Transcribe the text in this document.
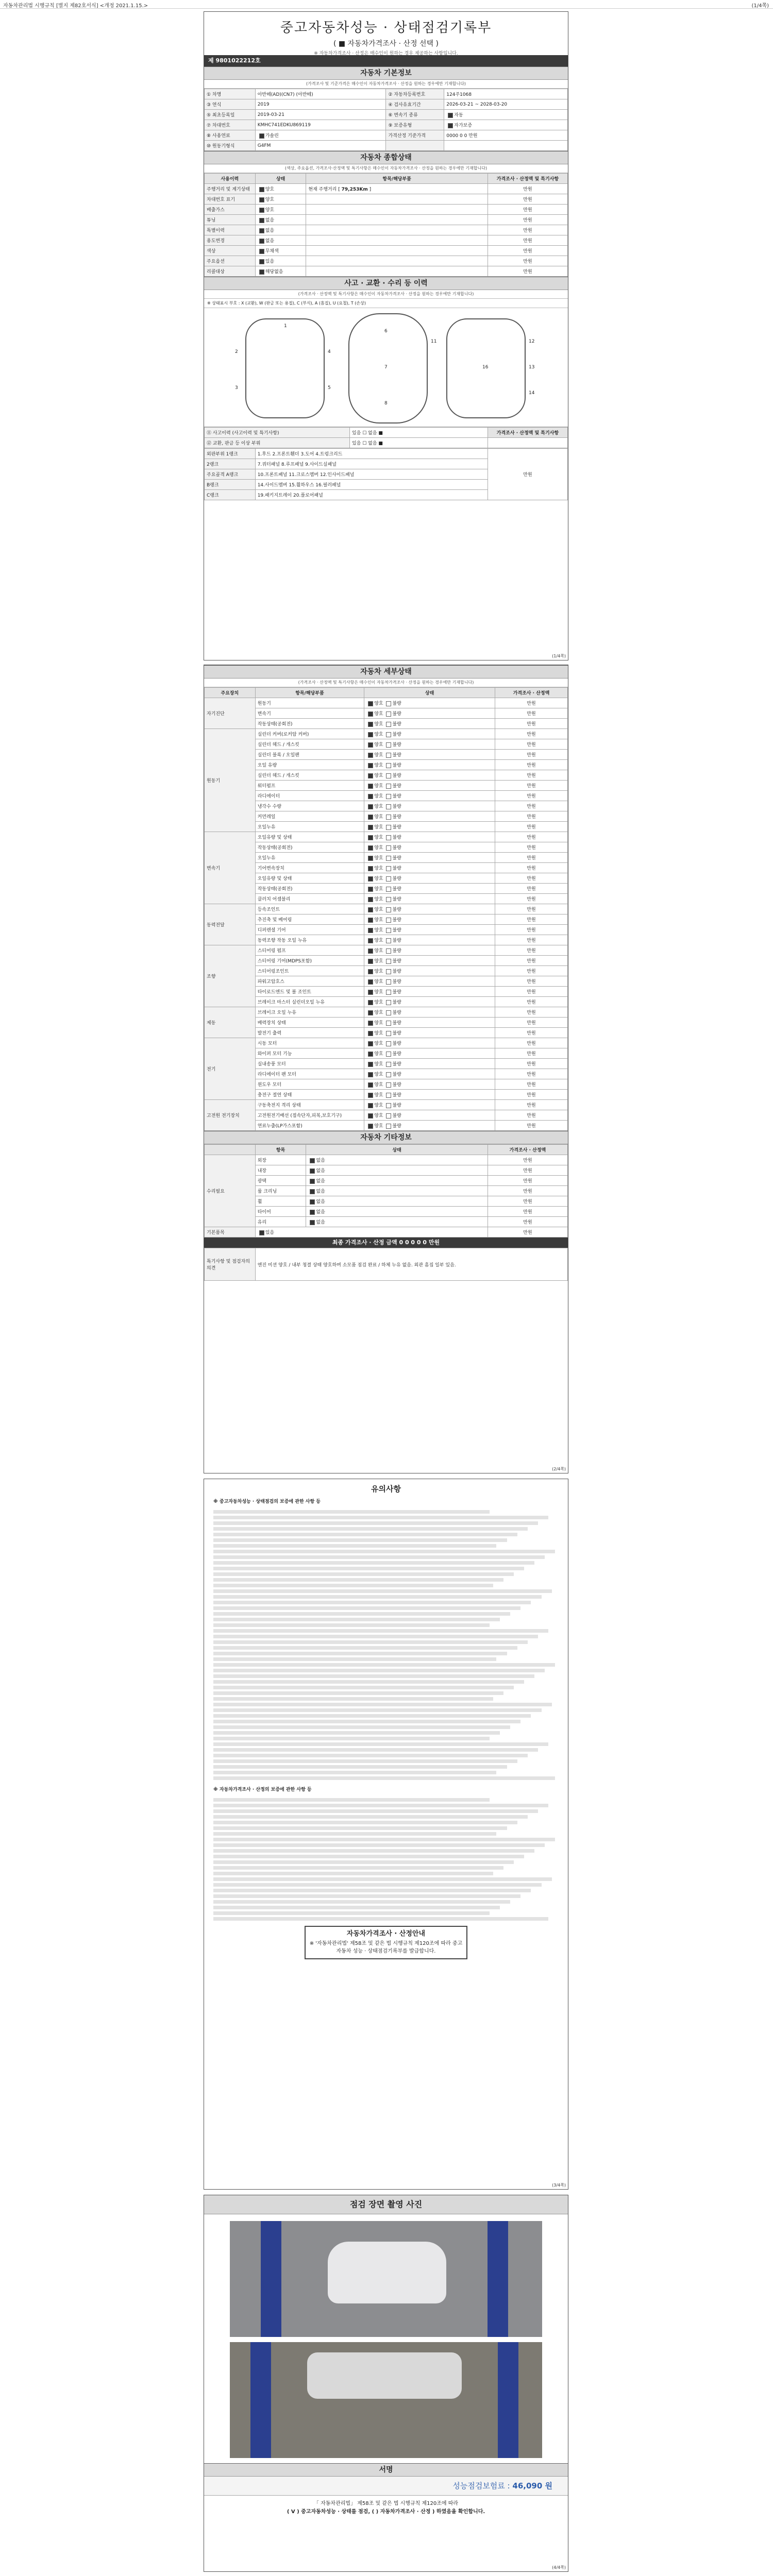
자동차관리법 시행규칙 [별지 제82호서식] <개정 2021.1.15.>	(1/4쪽)
중고자동차성능 · 상태점검기록부
( ■ 자동차가격조사 · 산정 선택 )
※ 자동차가격조사 · 산정은 매수인이 원하는 경우 제공하는 사항입니다.
제 9801022212호
자동차 기본정보
(가격조사 및 기준가격은 매수인이 자동차가격조사 · 산정을 원하는 경우에만 기재합니다)
① 차명	아반떼(AD)(CN7) (아반떼)	② 자동차등록번호	124주1068
③ 연식	2019	④ 검사유효기간	2026-03-21 ~ 2028-03-20
⑤ 최초등록일	2019-03-21	⑥ 변속기 종류	자동
⑦ 차대번호	KMHC741EDKU869119	⑨ 보증유형	자가보증
⑧ 사용연료	가솔린	가격산정 기준가격	0000 0 0 만원
⑩ 원동기형식	G4FM		
자동차 종합상태
(색상, 주요옵션, 가격조사·산정액 및 특기사항은 매수인이 자동차가격조사 · 산정을 원하는 경우에만 기재합니다)
사용이력	상태	항목/해당부품	가격조사 · 산정액 및 특기사항
주행거리 및 계기상태	양호	현재 주행거리 [ 79,253Km ]	만원
차대번호 표기	양호		만원
배출가스	양호		만원
튜닝	없음		만원
특별이력	없음		만원
용도변경	없음		만원
색상	무채색		만원
주요옵션	있음		만원
리콜대상	해당없음		만원
사고 · 교환 · 수리 등 이력
(가격조사 · 산정액 및 특기사항은 매수인이 자동차가격조사 · 산정을 원하는 경우에만 기재합니다)
※ 상태표시 부호 : X (교환), W (판금 또는 용접), C (부식), A (흠집), U (요철), T (손상)
1
2
3
4
5
6
7
8
11	12
13
14
16
⑪ 사고이력 (사고이력 및 특기사항)	있음 ☐ 없음 ■	가격조사 · 산정액 및 특기사항
⑫ 교환, 판금 등 이상 부위	있음 ☐ 없음 ■	
외판부위 1랭크	1.후드 2.프론트휀더 3.도어 4.트렁크리드	만원
2랭크	7.쿼터패널 8.루프패널 9.사이드실패널	
주요골격 A랭크	10.프론트패널 11.크로스멤버 12.인사이드패널	
B랭크	14.사이드멤버 15.휠하우스 16.필러패널	
C랭크	19.패키지트레이 20.플로어패널	
(1/4쪽)
자동차 세부상태
(가격조사 · 산정액 및 특기사항은 매수인이 자동차가격조사 · 산정을 원하는 경우에만 기재합니다)
주요장치	항목/해당부품	상태	가격조사 · 산정액
자기진단	원동기	양호 불량	만원
	변속기	양호 불량	만원
	작동상태(공회전)	양호 불량	만원
원동기	실린더 커버(로커암 커버)	양호 불량	만원
	실린더 헤드 / 개스킷	양호 불량	만원
	실린더 블록 / 오일팬	양호 불량	만원
	오일 유량	양호 불량	만원
	실린더 헤드 / 개스킷	양호 불량	만원
	워터펌프	양호 불량	만원
	라디에이터	양호 불량	만원
	냉각수 수량	양호 불량	만원
	커먼레일	양호 불량	만원
	오일누유	양호 불량	만원
변속기	오일유량 및 상태	양호 불량	만원
	작동상태(공회전)	양호 불량	만원
	오일누유	양호 불량	만원
	기어변속장치	양호 불량	만원
	오일유량 및 상태	양호 불량	만원
	작동상태(공회전)	양호 불량	만원
	클러치 어셈블리	양호 불량	만원
동력전달	등속조인트	양호 불량	만원
	추진축 및 베어링	양호 불량	만원
	디퍼렌셜 기어	양호 불량	만원
	동력조향 작동 오일 누유	양호 불량	만원
조향	스티어링 펌프	양호 불량	만원
	스티어링 기어(MDPS포함)	양호 불량	만원
	스티어링조인트	양호 불량	만원
	파워고압호스	양호 불량	만원
	타이로드엔드 및 볼 조인트	양호 불량	만원
	브레이크 마스터 실린더오일 누유	양호 불량	만원
제동	브레이크 오일 누유	양호 불량	만원
	배력장치 상태	양호 불량	만원
	발전기 출력	양호 불량	만원
전기	시동 모터	양호 불량	만원
	와이퍼 모터 기능	양호 불량	만원
	실내송풍 모터	양호 불량	만원
	라디에이터 팬 모터	양호 불량	만원
	윈도우 모터	양호 불량	만원
	충전구 절연 상태	양호 불량	만원
고전원 전기장치	구동축전지 격리 상태	양호 불량	만원
	고전원전기배선 (접속단자,피복,보호기구)	양호 불량	만원
	연료누출(LP가스포함)	양호 불량	만원
자동차 기타정보
	항목	상태	가격조사 · 산정액
수리필요	외장	없음	만원
	내장	없음	만원
	광택	없음	만원
	룸 크리닝	없음	만원
	휠	없음	만원
	타이어	없음	만원
	유리	없음	만원
기본품목	있음		만원
최종 가격조사 · 산정 금액 0 0 0 0 0 만원
특기사항 및 점검자의 의견	엔진 미션 양호 / 내부 청결 상태 양호하며 소모품 점검 완료 / 하체 누유 없음. 외관 흠집 일부 있음.
(2/4쪽)
유의사항
※ 중고자동차성능 · 상태점검의 보증에 관한 사항 등
※ 자동차가격조사 · 산정의 보증에 관한 사항 등
자동차가격조사 · 산정안내
※ '자동차관리법' 제58조 및 같은 법 시행규칙 제120조에 따라 중고자동차 성능 · 상태점검기록부를 발급합니다.
(3/4쪽)
점검 장면 촬영 사진
서명
성능점검보험료 : 46,090 원
「 자동차관리법」 제58조 및 같은 법 시행규칙 제120조에 따라
( V ) 중고자동차성능 · 상태를 점검, ( ) 자동차가격조사 · 산정 ) 하였음을 확인합니다.
(4/4쪽)
